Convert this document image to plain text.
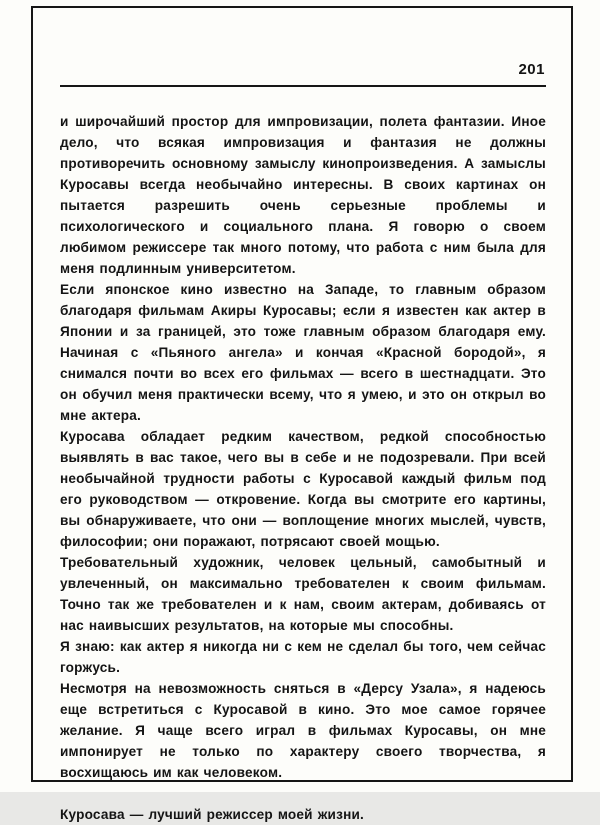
201

и широчайший простор для импровизации, полета фантазии. Иное дело, что всякая импровизация и фантазия не должны противоречить основному замыслу кинопроизведения. А замыслы Куросавы всегда необычайно интересны. В своих картинах он пытается разрешить очень серьезные проблемы и психологического и социального плана. Я говорю о своем любимом режиссере так много потому, что работа с ним была для меня подлинным университетом.

Если японское кино известно на Западе, то главным образом благодаря фильмам Акиры Куросавы; если я известен как актер в Японии и за границей, это тоже главным образом благодаря ему. Начиная с «Пьяного ангела» и кончая «Красной бородой», я снимался почти во всех его фильмах — всего в шестнадцати. Это он обучил меня практически всему, что я умею, и это он открыл во мне актера.

Куросава обладает редким качеством, редкой способностью выявлять в вас такое, чего вы в себе и не подозревали. При всей необычайной трудности работы с Куросавой каждый фильм под его руководством — откровение. Когда вы смотрите его картины, вы обнаруживаете, что они — воплощение многих мыслей, чувств, философии; они поражают, потрясают своей мощью.

Требовательный художник, человек цельный, самобытный и увлеченный, он максимально требователен к своим фильмам. Точно так же требователен и к нам, своим актерам, добиваясь от нас наивысших результатов, на которые мы способны.

Я знаю: как актер я никогда ни с кем не сделал бы того, чем сейчас горжусь.

Несмотря на невозможность сняться в «Дерсу Узала», я надеюсь еще встретиться с Куросавой в кино. Это мое самое горячее желание. Я чаще всего играл в фильмах Куросавы, он мне импонирует не только по характеру своего творчества, я восхищаюсь им как человеком.

Куросава — лучший режиссер моей жизни.
